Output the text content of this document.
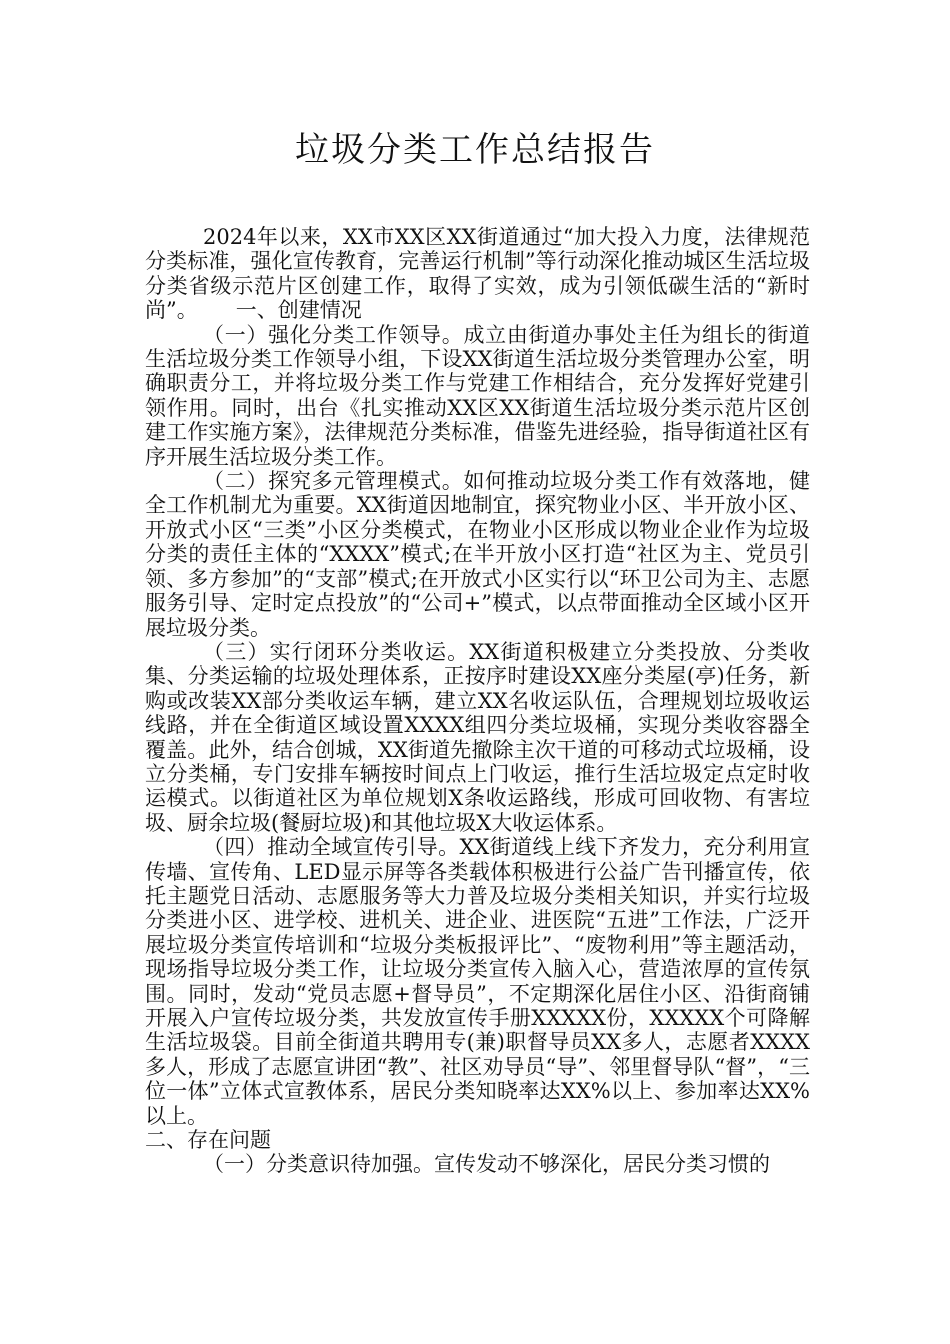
垃圾分类工作总结报告

2024年以来，XX市XX区XX街道通过“加大投入力度，法律规范分类标准，强化宣传教育，完善运行机制”等行动深化推动城区生活垃圾分类省级示范片区创建工作，取得了实效，成为引领低碳生活的“新时尚”。 一、创建情况

（一）强化分类工作领导。成立由街道办事处主任为组长的街道生活垃圾分类工作领导小组，下设XX街道生活垃圾分类管理办公室，明确职责分工，并将垃圾分类工作与党建工作相结合，充分发挥好党建引领作用。同时，出台《扎实推动XX区XX街道生活垃圾分类示范片区创建工作实施方案》，法律规范分类标准，借鉴先进经验，指导街道社区有序开展生活垃圾分类工作。

（二）探究多元管理模式。如何推动垃圾分类工作有效落地，健全工作机制尤为重要。XX街道因地制宜，探究物业小区、半开放小区、开放式小区“三类”小区分类模式，在物业小区形成以物业企业作为垃圾分类的责任主体的“XXXX”模式;在半开放小区打造“社区为主、党员引领、多方参加”的“支部”模式;在开放式小区实行以“环卫公司为主、志愿服务引导、定时定点投放”的“公司+”模式，以点带面推动全区域小区开展垃圾分类。

（三）实行闭环分类收运。XX街道积极建立分类投放、分类收集、分类运输的垃圾处理体系，正按序时建设XX座分类屋(亭)任务，新购或改装XX部分类收运车辆，建立XX名收运队伍，合理规划垃圾收运线路，并在全街道区域设置XXXX组四分类垃圾桶，实现分类收容器全覆盖。此外，结合创城，XX街道先撤除主次干道的可移动式垃圾桶，设立分类桶，专门安排车辆按时间点上门收运，推行生活垃圾定点定时收运模式。以街道社区为单位规划X条收运路线，形成可回收物、有害垃圾、厨余垃圾(餐厨垃圾)和其他垃圾X大收运体系。

（四）推动全域宣传引导。XX街道线上线下齐发力，充分利用宣传墙、宣传角、LED显示屏等各类载体积极进行公益广告刊播宣传，依托主题党日活动、志愿服务等大力普及垃圾分类相关知识，并实行垃圾分类进小区、进学校、进机关、进企业、进医院“五进”工作法，广泛开展垃圾分类宣传培训和“垃圾分类板报评比”、“废物利用”等主题活动，现场指导垃圾分类工作，让垃圾分类宣传入脑入心，营造浓厚的宣传氛围。同时，发动“党员志愿+督导员”，不定期深化居住小区、沿街商铺开展入户宣传垃圾分类，共发放宣传手册XXXXX份，XXXXX个可降解生活垃圾袋。目前全街道共聘用专(兼)职督导员XX多人，志愿者XXXX多人，形成了志愿宣讲团“教”、社区劝导员“导”、邻里督导队“督”，“三位一体”立体式宣教体系，居民分类知晓率达XX%以上、参加率达XX%以上。

二、存在问题

（一）分类意识待加强。宣传发动不够深化，居民分类习惯的
